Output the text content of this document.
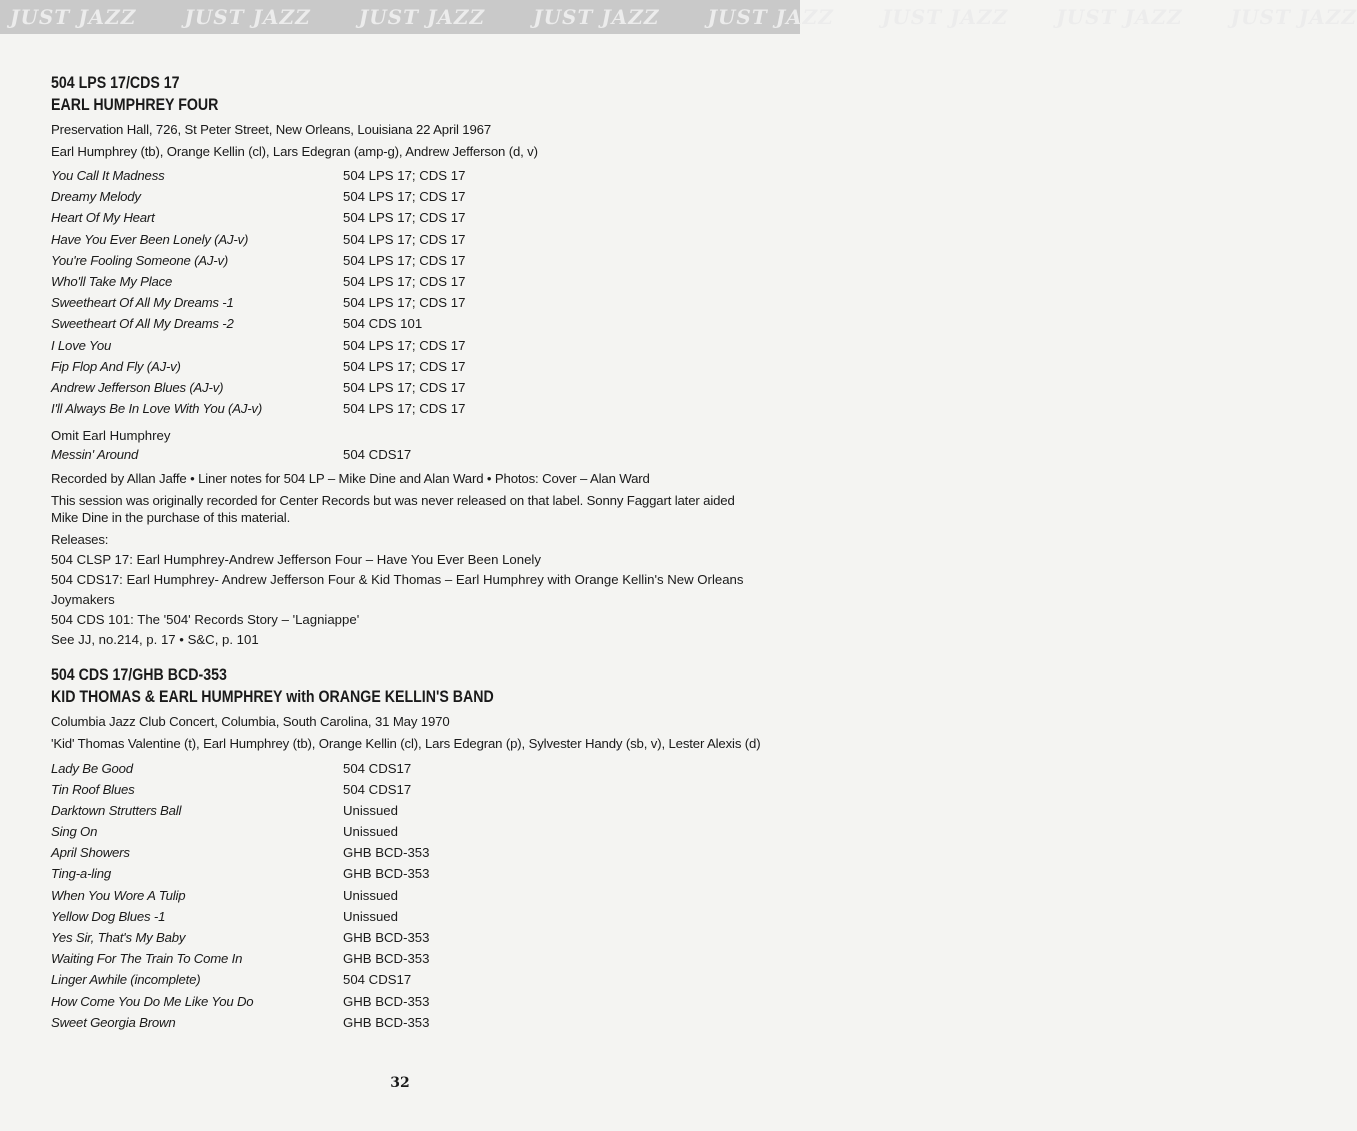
JUST JAZZ JUST JAZZ JUST JAZZ JUST JAZZ JUST JAZZ JUST JAZZ JUST JAZZ JUST JAZZ
504 LPS 17/CDS 17
EARL HUMPHREY FOUR
Preservation Hall, 726, St Peter Street, New Orleans, Louisiana 22 April 1967
Earl Humphrey (tb), Orange Kellin (cl), Lars Edegran (amp-g), Andrew Jefferson (d, v)
You Call It Madness	504 LPS 17; CDS 17
Dreamy Melody	504 LPS 17; CDS 17
Heart Of My Heart	504 LPS 17; CDS 17
Have You Ever Been Lonely (AJ-v)	504 LPS 17; CDS 17
You're Fooling Someone (AJ-v)	504 LPS 17; CDS 17
Who'll Take My Place	504 LPS 17; CDS 17
Sweetheart Of All My Dreams -1	504 LPS 17; CDS 17
Sweetheart Of All My Dreams -2	504 CDS 101
I Love You	504 LPS 17; CDS 17
Fip Flop And Fly (AJ-v)	504 LPS 17; CDS 17
Andrew Jefferson Blues (AJ-v)	504 LPS 17; CDS 17
I'll Always Be In Love With You (AJ-v)	504 LPS 17; CDS 17
Omit Earl Humphrey
Messin' Around	504 CDS17
Recorded by Allan Jaffe • Liner notes for 504 LP – Mike Dine and Alan Ward • Photos: Cover – Alan Ward
This session was originally recorded for Center Records but was never released on that label. Sonny Faggart later aided Mike Dine in the purchase of this material.
Releases:
504 CLSP 17: Earl Humphrey-Andrew Jefferson Four – Have You Ever Been Lonely
504 CDS17: Earl Humphrey- Andrew Jefferson Four & Kid Thomas – Earl Humphrey with Orange Kellin's New Orleans Joymakers
504 CDS 101: The '504' Records Story – 'Lagniappe'
See JJ, no.214, p. 17 • S&C, p. 101
504 CDS 17/GHB BCD-353
KID THOMAS & EARL HUMPHREY with ORANGE KELLIN'S BAND
Columbia Jazz Club Concert, Columbia, South Carolina, 31 May 1970
'Kid' Thomas Valentine (t), Earl Humphrey (tb), Orange Kellin (cl), Lars Edegran (p), Sylvester Handy (sb, v), Lester Alexis (d)
Lady Be Good	504 CDS17
Tin Roof Blues	504 CDS17
Darktown Strutters Ball	Unissued
Sing On	Unissued
April Showers	GHB BCD-353
Ting-a-ling	GHB BCD-353
When You Wore A Tulip	Unissued
Yellow Dog Blues -1	Unissued
Yes Sir, That's My Baby	GHB BCD-353
Waiting For The Train To Come In	GHB BCD-353
Linger Awhile (incomplete)	504 CDS17
How Come You Do Me Like You Do	GHB BCD-353
Sweet Georgia Brown	GHB BCD-353
32
